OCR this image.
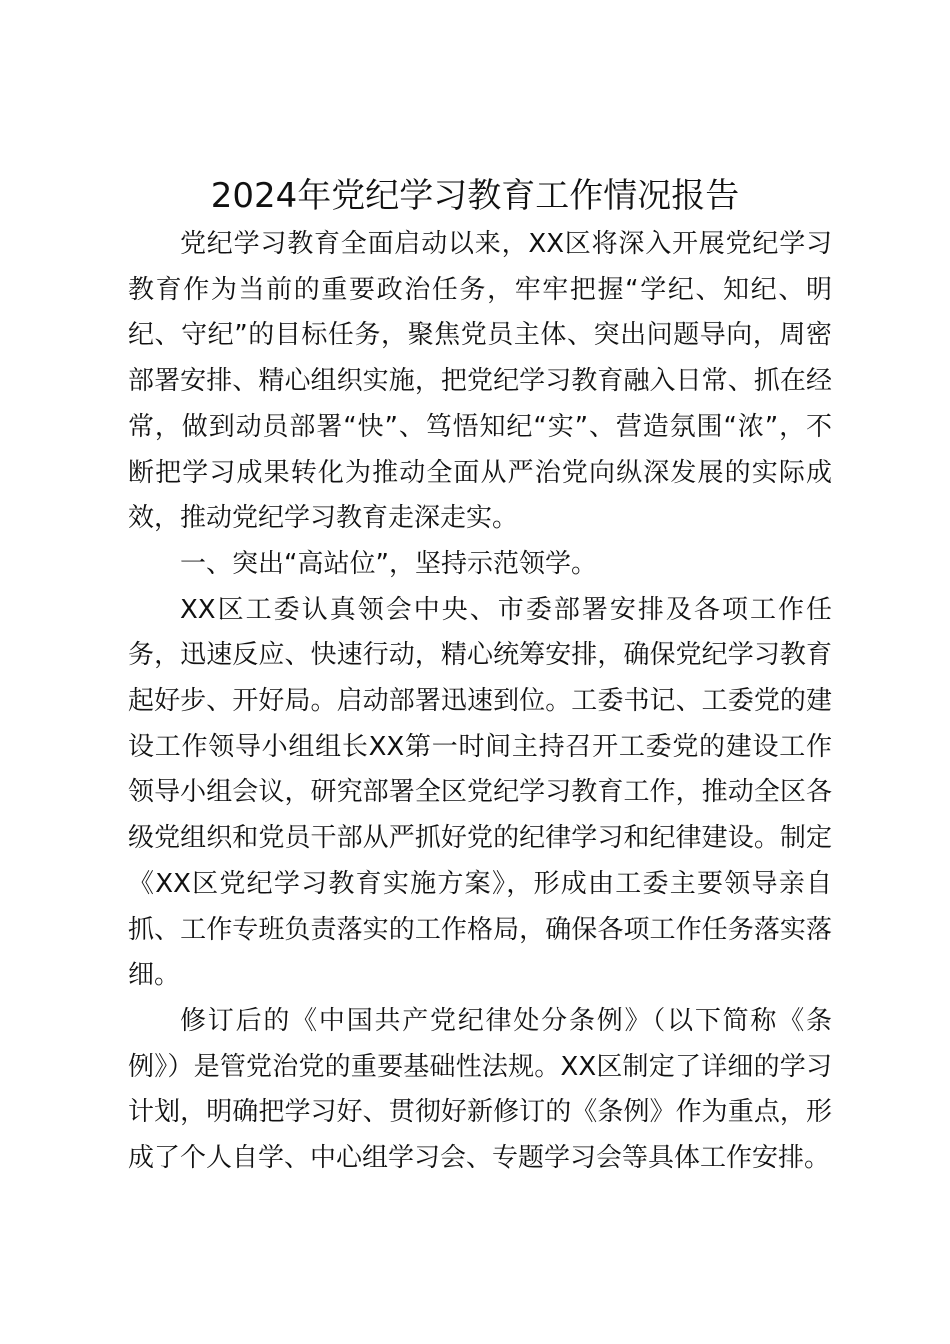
2024年党纪学习教育工作情况报告

党纪学习教育全面启动以来，XX区将深入开展党纪学习教育作为当前的重要政治任务，牢牢把握“学纪、知纪、明纪、守纪”的目标任务，聚焦党员主体、突出问题导向，周密部署安排、精心组织实施，把党纪学习教育融入日常、抓在经常，做到动员部署“快”、笃悟知纪“实”、营造氛围“浓”，不断把学习成果转化为推动全面从严治党向纵深发展的实际成效，推动党纪学习教育走深走实。

一、突出“高站位”，坚持示范领学。

XX区工委认真领会中央、市委部署安排及各项工作任务，迅速反应、快速行动，精心统筹安排，确保党纪学习教育起好步、开好局。启动部署迅速到位。工委书记、工委党的建设工作领导小组组长XX第一时间主持召开工委党的建设工作领导小组会议，研究部署全区党纪学习教育工作，推动全区各级党组织和党员干部从严抓好党的纪律学习和纪律建设。制定《XX区党纪学习教育实施方案》，形成由工委主要领导亲自抓、工作专班负责落实的工作格局，确保各项工作任务落实落细。

修订后的《中国共产党纪律处分条例》（以下简称《条例》）是管党治党的重要基础性法规。XX区制定了详细的学习计划，明确把学习好、贯彻好新修订的《条例》作为重点，形成了个人自学、中心组学习会、专题学习会等具体工作安排。
